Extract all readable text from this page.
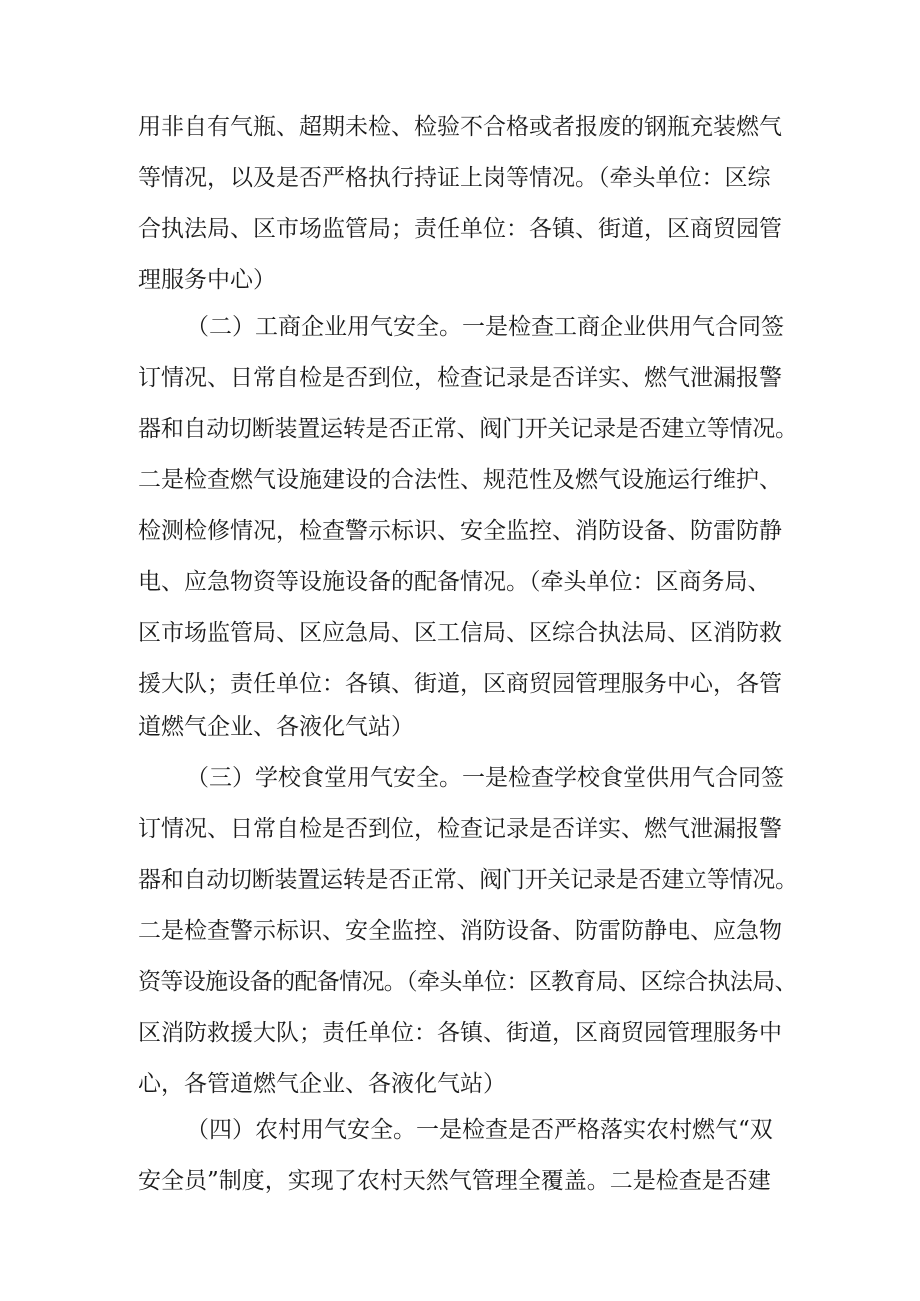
用非自有气瓶、超期未检、检验不合格或者报废的钢瓶充装燃气
等情况，以及是否严格执行持证上岗等情况。（牵头单位：区综
合执法局、区市场监管局；责任单位：各镇、街道，区商贸园管
理服务中心）
（二）工商企业用气安全。一是检查工商企业供用气合同签
订情况、日常自检是否到位，检查记录是否详实、燃气泄漏报警
器和自动切断装置运转是否正常、阀门开关记录是否建立等情况。
二是检查燃气设施建设的合法性、规范性及燃气设施运行维护、
检测检修情况，检查警示标识、安全监控、消防设备、防雷防静
电、应急物资等设施设备的配备情况。（牵头单位：区商务局、
区市场监管局、区应急局、区工信局、区综合执法局、区消防救
援大队；责任单位：各镇、街道，区商贸园管理服务中心，各管
道燃气企业、各液化气站）
（三）学校食堂用气安全。一是检查学校食堂供用气合同签
订情况、日常自检是否到位，检查记录是否详实、燃气泄漏报警
器和自动切断装置运转是否正常、阀门开关记录是否建立等情况。
二是检查警示标识、安全监控、消防设备、防雷防静电、应急物
资等设施设备的配备情况。（牵头单位：区教育局、区综合执法局、
区消防救援大队；责任单位：各镇、街道，区商贸园管理服务中
心，各管道燃气企业、各液化气站）
（四）农村用气安全。一是检查是否严格落实农村燃气“双
安全员”制度，实现了农村天然气管理全覆盖。二是检查是否建
